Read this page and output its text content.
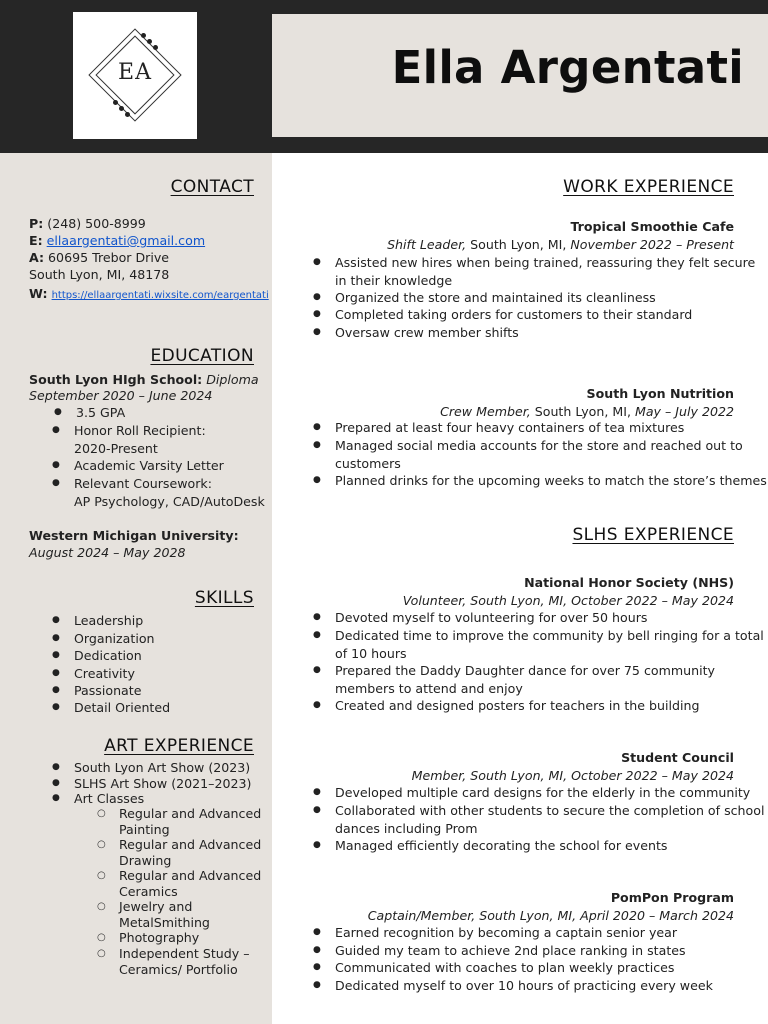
EA	Ella Argentati
CONTACT
P: (248) 500-8999
E: ellaargentati@gmail.com
A: 60695 Trebor Drive
South Lyon, MI, 48178
W: https://ellaargentati.wixsite.com/eargentati
EDUCATION
South Lyon HIgh School: Diploma
September 2020 – June 2024
● 3.5 GPA
● Honor Roll Recipient:
2020-Present
● Academic Varsity Letter
● Relevant Coursework:
AP Psychology, CAD/AutoDesk
Western Michigan University:
August 2024 – May 2028
SKILLS
● Leadership
● Organization
● Dedication
● Creativity
● Passionate
● Detail Oriented
ART EXPERIENCE
● South Lyon Art Show (2023)
● SLHS Art Show (2021–2023)
● Art Classes
○ Regular and Advanced
Painting
○ Regular and Advanced
Drawing
○ Regular and Advanced
Ceramics
○ Jewelry and
MetalSmithing
○ Photography
○ Independent Study –
Ceramics/ Portfolio
WORK EXPERIENCE
Tropical Smoothie Cafe
Shift Leader, South Lyon, MI, November 2022 – Present
● Assisted new hires when being trained, reassuring they felt secure
in their knowledge
● Organized the store and maintained its cleanliness
● Completed taking orders for customers to their standard
● Oversaw crew member shifts
South Lyon Nutrition
Crew Member, South Lyon, MI, May – July 2022
● Prepared at least four heavy containers of tea mixtures
● Managed social media accounts for the store and reached out to
customers
● Planned drinks for the upcoming weeks to match the store’s themes
SLHS EXPERIENCE
National Honor Society (NHS)
Volunteer, South Lyon, MI, October 2022 – May 2024
● Devoted myself to volunteering for over 50 hours
● Dedicated time to improve the community by bell ringing for a total
of 10 hours
● Prepared the Daddy Daughter dance for over 75 community
members to attend and enjoy
● Created and designed posters for teachers in the building
Student Council
Member, South Lyon, MI, October 2022 – May 2024
● Developed multiple card designs for the elderly in the community
● Collaborated with other students to secure the completion of school
dances including Prom
● Managed efficiently decorating the school for events
PomPon Program
Captain/Member, South Lyon, MI, April 2020 – March 2024
● Earned recognition by becoming a captain senior year
● Guided my team to achieve 2nd place ranking in states
● Communicated with coaches to plan weekly practices
● Dedicated myself to over 10 hours of practicing every week
